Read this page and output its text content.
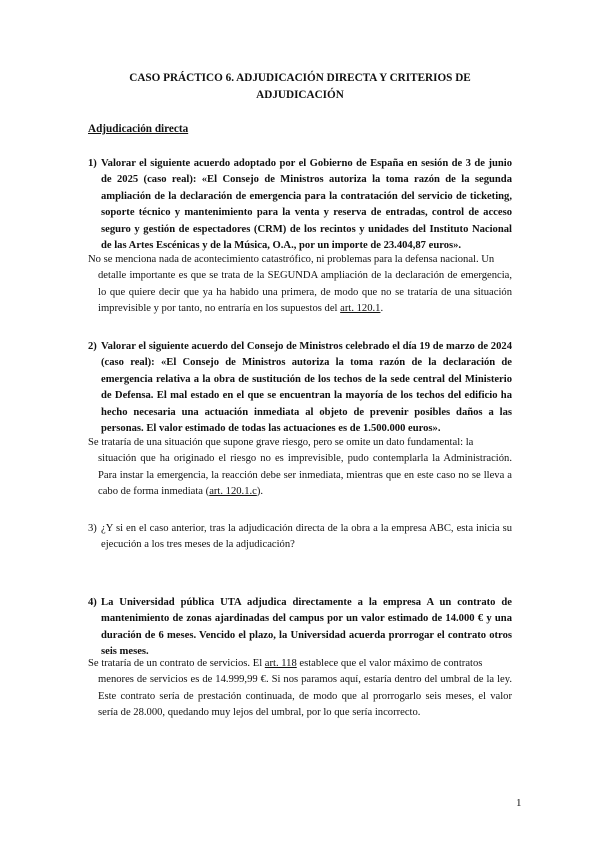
CASO PRÁCTICO 6. ADJUDICACIÓN DIRECTA Y CRITERIOS DE
ADJUDICACIÓN
Adjudicación directa
1) Valorar el siguiente acuerdo adoptado por el Gobierno de España en sesión de 3 de junio de 2025 (caso real): «El Consejo de Ministros autoriza la toma razón de la segunda ampliación de la declaración de emergencia para la contratación del servicio de ticketing, soporte técnico y mantenimiento para la venta y reserva de entradas, control de acceso seguro y gestión de espectadores (CRM) de los recintos y unidades del Instituto Nacional de las Artes Escénicas y de la Música, O.A., por un importe de 23.404,87 euros».
No se menciona nada de acontecimiento catastrófico, ni problemas para la defensa nacional. Un
detalle importante es que se trata de la SEGUNDA ampliación de la declaración de emergencia, lo que quiere decir que ya ha habido una primera, de modo que no se trataría de una situación imprevisible y por tanto, no entraría en los supuestos del art. 120.1.
2) Valorar el siguiente acuerdo del Consejo de Ministros celebrado el día 19 de marzo de 2024 (caso real): «El Consejo de Ministros autoriza la toma razón de la declaración de emergencia relativa a la obra de sustitución de los techos de la sede central del Ministerio de Defensa. El mal estado en el que se encuentran la mayoría de los techos del edificio ha hecho necesaria una actuación inmediata al objeto de prevenir posibles daños a las personas. El valor estimado de todas las actuaciones es de 1.500.000 euros».
Se trataría de una situación que supone grave riesgo, pero se omite un dato fundamental: la
situación que ha originado el riesgo no es imprevisible, pudo contemplarla la Administración. Para instar la emergencia, la reacción debe ser inmediata, mientras que en este caso no se lleva a cabo de forma inmediata (art. 120.1.c).
3) ¿Y si en el caso anterior, tras la adjudicación directa de la obra a la empresa ABC, esta inicia su ejecución a los tres meses de la adjudicación?
4) La Universidad pública UTA adjudica directamente a la empresa A un contrato de mantenimiento de zonas ajardinadas del campus por un valor estimado de 14.000 € y una duración de 6 meses. Vencido el plazo, la Universidad acuerda prorrogar el contrato otros seis meses.
Se trataría de un contrato de servicios. El art. 118 establece que el valor máximo de contratos
menores de servicios es de 14.999,99 €. Si nos paramos aquí, estaría dentro del umbral de la ley. Este contrato sería de prestación continuada, de modo que al prorrogarlo seis meses, el valor sería de 28.000, quedando muy lejos del umbral, por lo que sería incorrecto.
1
